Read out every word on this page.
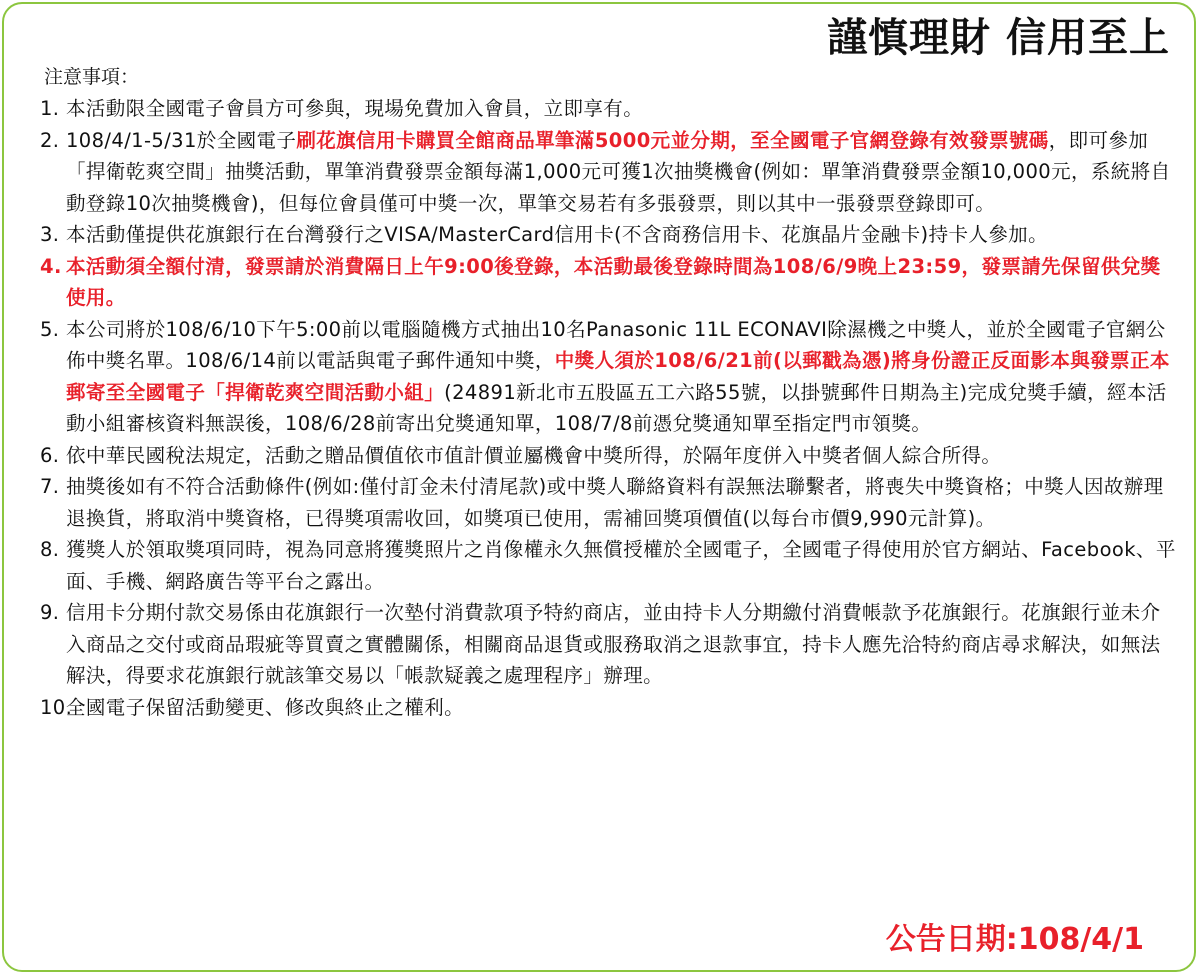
謹慎理財 信用至上
注意事項：
1. 本活動限全國電子會員方可參與，現場免費加入會員，立即享有。
2. 108/4/1-5/31於全國電子刷花旗信用卡購買全館商品單筆滿5000元並分期，至全國電子官網登錄有效發票號碼，即可參加「捍衛乾爽空間」抽獎活動，單筆消費發票金額每滿1,000元可獲1次抽獎機會(例如：單筆消費發票金額10,000元，系統將自動登錄10次抽獎機會)，但每位會員僅可中獎一次，單筆交易若有多張發票，則以其中一張發票登錄即可。
3. 本活動僅提供花旗銀行在台灣發行之VISA/MasterCard信用卡(不含商務信用卡、花旗晶片金融卡)持卡人參加。
4. 本活動須全額付清，發票請於消費隔日上午9:00後登錄，本活動最後登錄時間為108/6/9晚上23:59，發票請先保留供兌獎使用。
5. 本公司將於108/6/10下午5:00前以電腦隨機方式抽出10名Panasonic 11L ECONAVI除濕機之中獎人，並於全國電子官網公佈中獎名單。108/6/14前以電話與電子郵件通知中獎，中獎人須於108/6/21前(以郵戳為憑)將身份證正反面影本與發票正本郵寄至全國電子「捍衛乾爽空間活動小組」(24891新北市五股區五工六路55號，以掛號郵件日期為主)完成兌獎手續，經本活動小組審核資料無誤後，108/6/28前寄出兌獎通知單，108/7/8前憑兌獎通知單至指定門市領獎。
6. 依中華民國稅法規定，活動之贈品價值依市值計價並屬機會中獎所得，於隔年度併入中獎者個人綜合所得。
7. 抽獎後如有不符合活動條件(例如:僅付訂金未付清尾款)或中獎人聯絡資料有誤無法聯繫者，將喪失中獎資格；中獎人因故辦理退換貨，將取消中獎資格，已得獎項需收回，如獎項已使用，需補回獎項價值(以每台市價9,990元計算)。
8. 獲獎人於領取獎項同時，視為同意將獲獎照片之肖像權永久無償授權於全國電子，全國電子得使用於官方網站、Facebook、平面、手機、網路廣告等平台之露出。
9. 信用卡分期付款交易係由花旗銀行一次墊付消費款項予特約商店，並由持卡人分期繳付消費帳款予花旗銀行。花旗銀行並未介入商品之交付或商品瑕疵等買賣之實體關係，相關商品退貨或服務取消之退款事宜，持卡人應先洽特約商店尋求解決，如無法解決，得要求花旗銀行就該筆交易以「帳款疑義之處理程序」辦理。
10.
全國電子保留活動變更、修改與終止之權利。
公告日期:108/4/1
